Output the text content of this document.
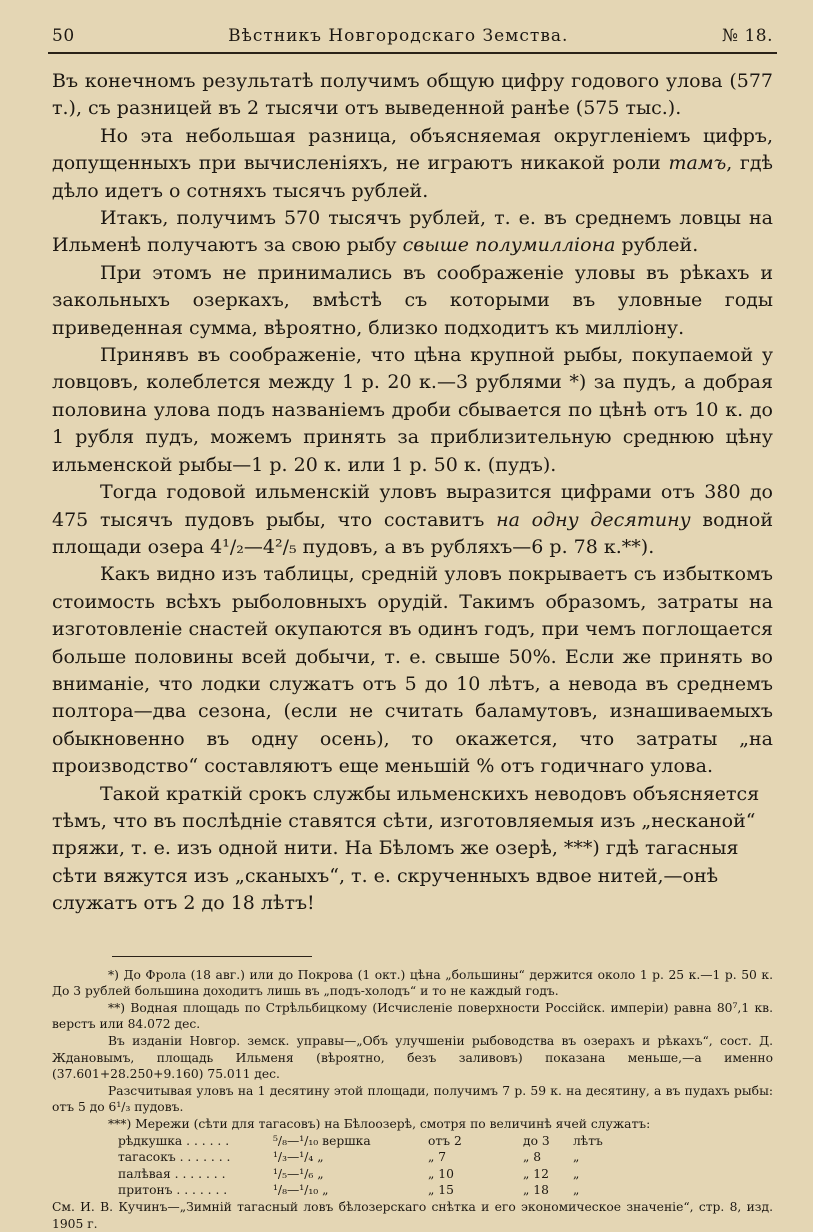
50	Вѣстникъ Новгородскаго Земства.	№ 18.

Въ конечномъ результатѣ получимъ общую цифру годового улова (577 т.), съ разницей въ 2 тысячи отъ выведенной ранѣе (575 тыс.).

Но эта небольшая разница, объясняемая округленіемъ цифръ, допущенныхъ при вычисленіяхъ, не играютъ никакой роли тамъ, гдѣ дѣло идетъ о сотняхъ тысячъ рублей.

Итакъ, получимъ 570 тысячъ рублей, т. е. въ среднемъ ловцы на Ильменѣ получаютъ за свою рыбу свыше полумилліона рублей.

При этомъ не принимались въ соображеніе уловы въ рѣкахъ и закольныхъ озеркахъ, вмѣстѣ съ которыми въ уловные годы приведенная сумма, вѣроятно, близко подходитъ къ милліону.

Принявъ въ соображеніе, что цѣна крупной рыбы, покупаемой у ловцовъ, колеблется между 1 р. 20 к.—3 рублями *) за пудъ, а добрая половина улова подъ названіемъ дроби сбывается по цѣнѣ отъ 10 к. до 1 рубля пудъ, можемъ принять за приблизительную среднюю цѣну ильменской рыбы—1 р. 20 к. или 1 р. 50 к. (пудъ).

Тогда годовой ильменскій уловъ выразится цифрами отъ 380 до 475 тысячъ пудовъ рыбы, что составитъ на одну десятину водной площади озера 4¹/₂—4²/₅ пудовъ, а въ рубляхъ—6 р. 78 к.**).

Какъ видно изъ таблицы, средній уловъ покрываетъ съ избыткомъ стоимость всѣхъ рыболовныхъ орудій. Такимъ образомъ, затраты на изготовленіе снастей окупаются въ одинъ годъ, при чемъ поглощается больше половины всей добычи, т. е. свыше 50%. Если же принять во вниманіе, что лодки служатъ отъ 5 до 10 лѣтъ, а невода въ среднемъ полтора—два сезона, (если не считать баламутовъ, изнашиваемыхъ обыкновенно въ одну осень), то окажется, что затраты „на производство“ составляютъ еще меньшій % отъ годичнаго улова.

Такой краткій срокъ службы ильменскихъ неводовъ объясняется тѣмъ, что въ послѣдніе ставятся сѣти, изготовляемыя изъ „несканой“ пряжи, т. е. изъ одной нити. На Бѣломъ же озерѣ, ***) гдѣ тагасныя сѣти вяжутся изъ „сканыхъ“, т. е. скрученныхъ вдвое нитей,—онѣ служатъ отъ 2 до 18 лѣтъ!

*) До Фрола (18 авг.) или до Покрова (1 окт.) цѣна „большины“ держится около 1 р. 25 к.—1 р. 50 к. До 3 рублей большина доходитъ лишь въ „подъ-холодъ“ и то не каждый годъ.

**) Водная площадь по Стрѣльбицкому (Исчисленіе поверхности Россійск. имперіи) равна 80⁷,1 кв. верстъ или 84.072 дес.

Въ изданіи Новгор. земск. управы—„Объ улучшеніи рыбоводства въ озерахъ и рѣкахъ“, сост. Д. Ждановымъ, площадь Ильменя (вѣроятно, безъ заливовъ) показана меньше,—а именно (37.601+28.250+9.160) 75.011 дес.

Разсчитывая уловъ на 1 десятину этой площади, получимъ 7 р. 59 к. на десятину, а въ пудахъ рыбы: отъ 5 до 6¹/₃ пудовъ.

***) Мережи (сѣти для тагасовъ) на Бѣлоозерѣ, смотря по величинѣ ячей служатъ:

рѣдкушка . . . . . .	⁵/₈—¹/₁₀ вершка	отъ 2	до 3	лѣтъ
тагасокъ . . . . . . .	¹/₃—¹/₄ „	„ 7	„ 8	„
палѣвая . . . . . . .	¹/₅—¹/₆ „	„ 10	„ 12	„
притонъ . . . . . . .	¹/₈—¹/₁₀ „	„ 15	„ 18	„

См. И. В. Кучинъ—„Зимній тагасный ловъ бѣлозерскаго снѣтка и его экономическое значеніе“, стр. 8, изд. 1905 г.
